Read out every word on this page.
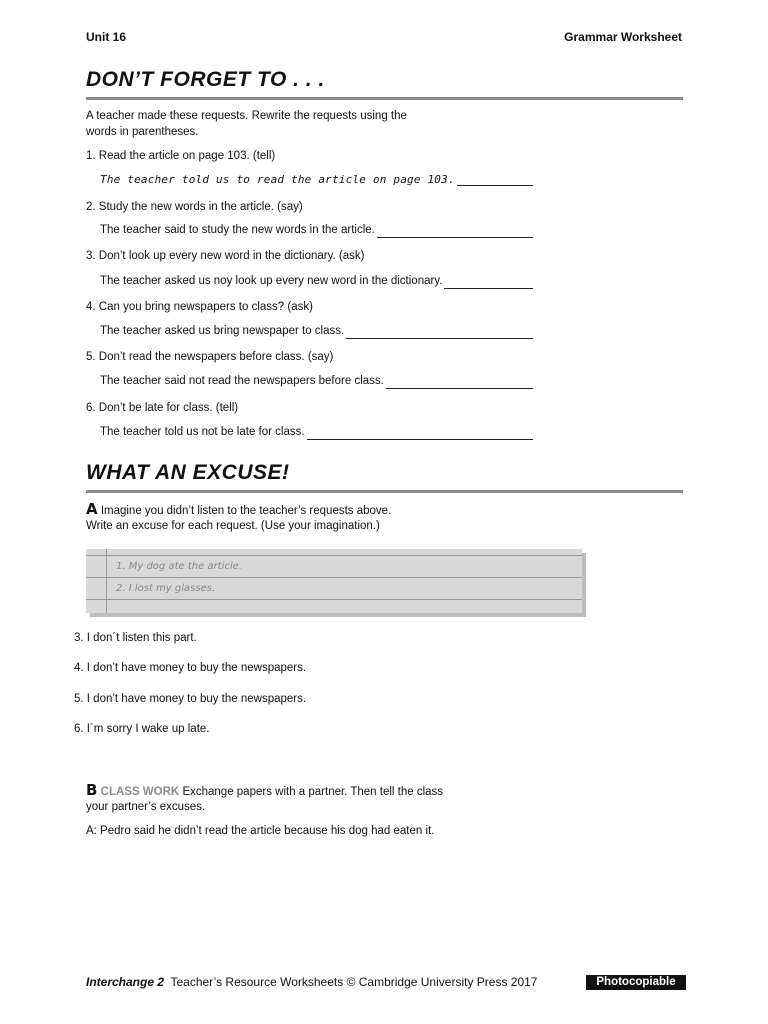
Unit 16	Grammar Worksheet
DON’T FORGET TO . . .
A teacher made these requests. Rewrite the requests using the
words in parentheses.
1. Read the article on page 103. (tell)
The teacher told us to read the article on page 103.
2. Study the new words in the article. (say)
The teacher said to study the new words in the article.
3. Don’t look up every new word in the dictionary. (ask)
The teacher asked us noy look up every new word in the dictionary.
4. Can you bring newspapers to class? (ask)
The teacher asked us bring newspaper to class.
5. Don’t read the newspapers before class. (say)
The teacher said not read the newspapers before class.
6. Don’t be late for class. (tell)
The teacher told us not be late for class.
WHAT AN EXCUSE!
A Imagine you didn’t listen to the teacher’s requests above.
Write an excuse for each request. (Use your imagination.)
1. My dog ate the article.
2. I lost my glasses.
3. I don´t listen this part.
4. I don’t have money to buy the newspapers.
5. I don’t have money to buy the newspapers.
6. I´m sorry I wake up late.
B CLASS WORK Exchange papers with a partner. Then tell the class
your partner’s excuses.
A: Pedro said he didn’t read the article because his dog had eaten it.
Interchange 2 Teacher’s Resource Worksheets © Cambridge University Press 2017	Photocopiable
